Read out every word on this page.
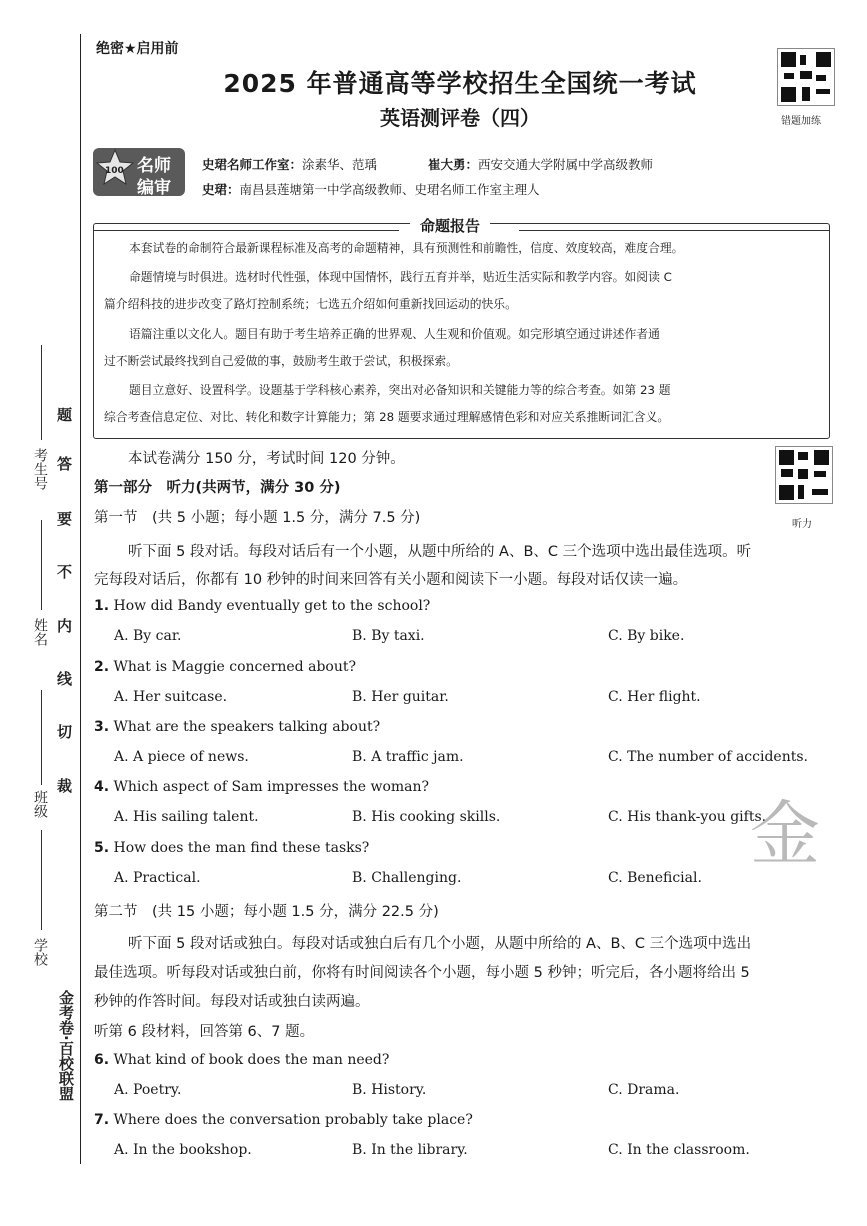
学校
班级
姓名
考生号
金考卷·百校联盟
题
答
要
不
内
线
切
裁
绝密★启用前
2025 年普通高等学校招生全国统一考试
英语测评卷（四）	错题加练
100 名师
编审
史珺名师工作室：涂素华、范瑀	崔大勇：西安交通大学附属中学高级教师
史珺：南昌县莲塘第一中学高级教师、史珺名师工作室主理人
命题报告
本套试卷的命制符合最新课程标准及高考的命题精神，具有预测性和前瞻性，信度、效度较高，难度合理。
命题情境与时俱进。选材时代性强，体现中国情怀，践行五育并举，贴近生活实际和教学内容。如阅读 C
篇介绍科技的进步改变了路灯控制系统；七选五介绍如何重新找回运动的快乐。
语篇注重以文化人。题目有助于考生培养正确的世界观、人生观和价值观。如完形填空通过讲述作者通
过不断尝试最终找到自己爱做的事，鼓励考生敢于尝试，积极探索。
题目立意好、设置科学。设题基于学科核心素养，突出对必备知识和关键能力等的综合考查。如第 23 题
综合考查信息定位、对比、转化和数字计算能力；第 28 题要求通过理解感情色彩和对应关系推断词汇含义。
本试卷满分 150 分，考试时间 120 分钟。
听力
第一部分　听力(共两节，满分 30 分)
第一节　(共 5 小题；每小题 1.5 分，满分 7.5 分)
听下面 5 段对话。每段对话后有一个小题，从题中所给的 A、B、C 三个选项中选出最佳选项。听
完每段对话后，你都有 10 秒钟的时间来回答有关小题和阅读下一小题。每段对话仅读一遍。
1. How did Bandy eventually get to the school?
A. By car.	B. By taxi.	C. By bike.
2. What is Maggie concerned about?
A. Her suitcase.	B. Her guitar.	C. Her flight.
3. What are the speakers talking about?
A. A piece of news.	B. A traffic jam.	C. The number of accidents.
4. Which aspect of Sam impresses the woman?
A. His sailing talent.	B. His cooking skills.	C. His thank-you gifts.
5. How does the man find these tasks?
A. Practical.	B. Challenging.	C. Beneficial.
金
第二节　(共 15 小题；每小题 1.5 分，满分 22.5 分)
听下面 5 段对话或独白。每段对话或独白后有几个小题，从题中所给的 A、B、C 三个选项中选出
最佳选项。听每段对话或独白前，你将有时间阅读各个小题，每小题 5 秒钟；听完后，各小题将给出 5
秒钟的作答时间。每段对话或独白读两遍。
听第 6 段材料，回答第 6、7 题。
6. What kind of book does the man need?
A. Poetry.	B. History.	C. Drama.
7. Where does the conversation probably take place?
A. In the bookshop.	B. In the library.	C. In the classroom.
